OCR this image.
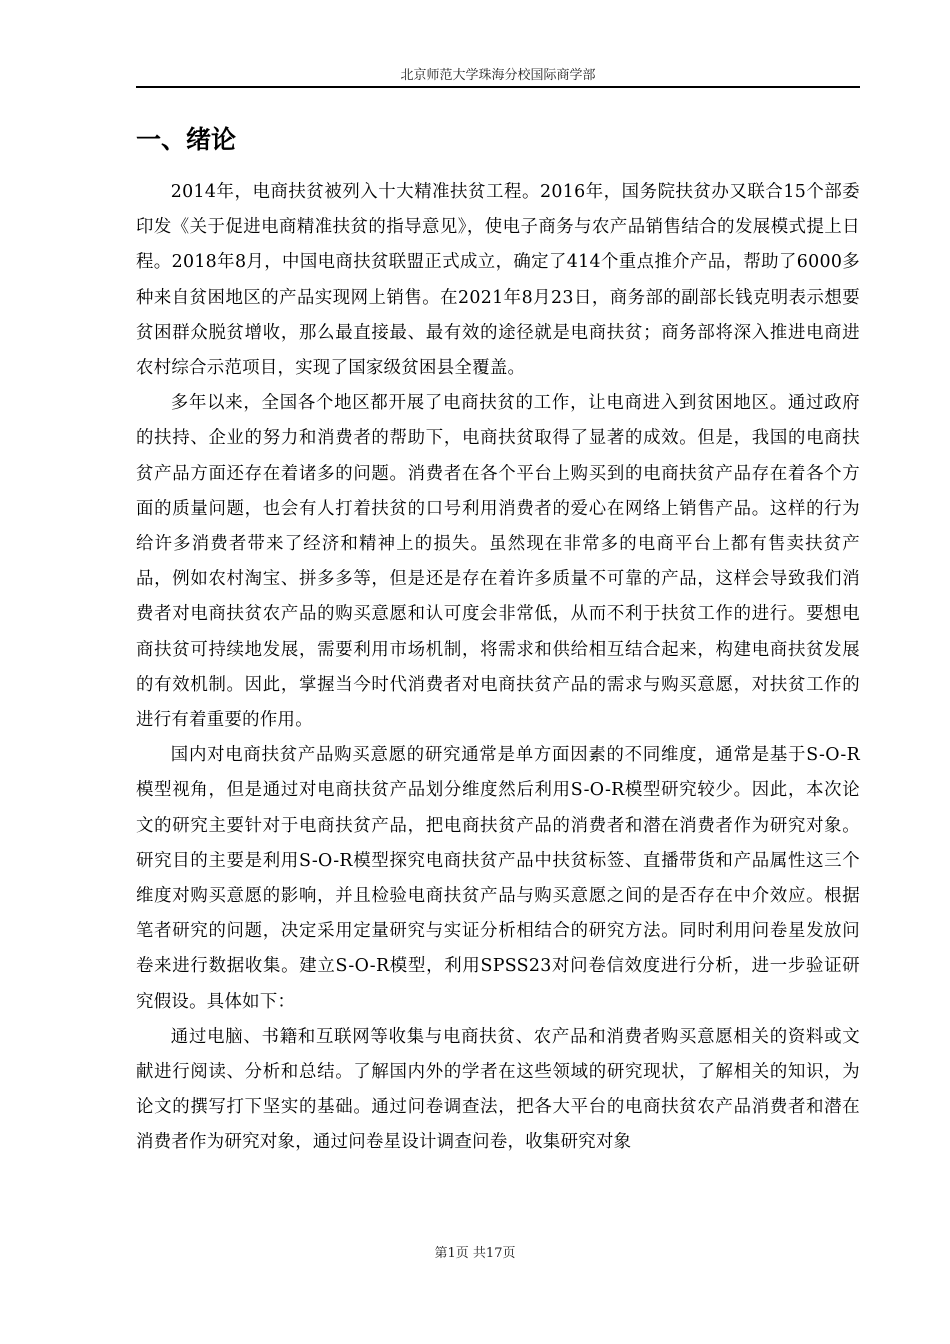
北京师范大学珠海分校国际商学部
一、绪论

2014年，电商扶贫被列入十大精准扶贫工程。2016年，国务院扶贫办又联合15个部委印发《关于促进电商精准扶贫的指导意见》，使电子商务与农产品销售结合的发展模式提上日程。2018年8月，中国电商扶贫联盟正式成立，确定了414个重点推介产品，帮助了6000多种来自贫困地区的产品实现网上销售。在2021年8月23日，商务部的副部长钱克明表示想要贫困群众脱贫增收，那么最直接最、最有效的途径就是电商扶贫；商务部将深入推进电商进农村综合示范项目，实现了国家级贫困县全覆盖。

多年以来，全国各个地区都开展了电商扶贫的工作，让电商进入到贫困地区。通过政府的扶持、企业的努力和消费者的帮助下，电商扶贫取得了显著的成效。但是，我国的电商扶贫产品方面还存在着诸多的问题。消费者在各个平台上购买到的电商扶贫产品存在着各个方面的质量问题，也会有人打着扶贫的口号利用消费者的爱心在网络上销售产品。这样的行为给许多消费者带来了经济和精神上的损失。虽然现在非常多的电商平台上都有售卖扶贫产品，例如农村淘宝、拼多多等，但是还是存在着许多质量不可靠的产品，这样会导致我们消费者对电商扶贫农产品的购买意愿和认可度会非常低，从而不利于扶贫工作的进行。要想电商扶贫可持续地发展，需要利用市场机制，将需求和供给相互结合起来，构建电商扶贫发展的有效机制。因此，掌握当今时代消费者对电商扶贫产品的需求与购买意愿，对扶贫工作的进行有着重要的作用。

国内对电商扶贫产品购买意愿的研究通常是单方面因素的不同维度，通常是基于S-O-R模型视角，但是通过对电商扶贫产品划分维度然后利用S-O-R模型研究较少。因此，本次论文的研究主要针对于电商扶贫产品，把电商扶贫产品的消费者和潜在消费者作为研究对象。研究目的主要是利用S-O-R模型探究电商扶贫产品中扶贫标签、直播带货和产品属性这三个维度对购买意愿的影响，并且检验电商扶贫产品与购买意愿之间的是否存在中介效应。根据笔者研究的问题，决定采用定量研究与实证分析相结合的研究方法。同时利用问卷星发放问卷来进行数据收集。建立S-O-R模型，利用SPSS23对问卷信效度进行分析，进一步验证研究假设。具体如下：

通过电脑、书籍和互联网等收集与电商扶贫、农产品和消费者购买意愿相关的资料或文献进行阅读、分析和总结。了解国内外的学者在这些领域的研究现状，了解相关的知识，为论文的撰写打下坚实的基础。通过问卷调查法，把各大平台的电商扶贫农产品消费者和潜在消费者作为研究对象，通过问卷星设计调查问卷，收集研究对象

第1页 共17页
